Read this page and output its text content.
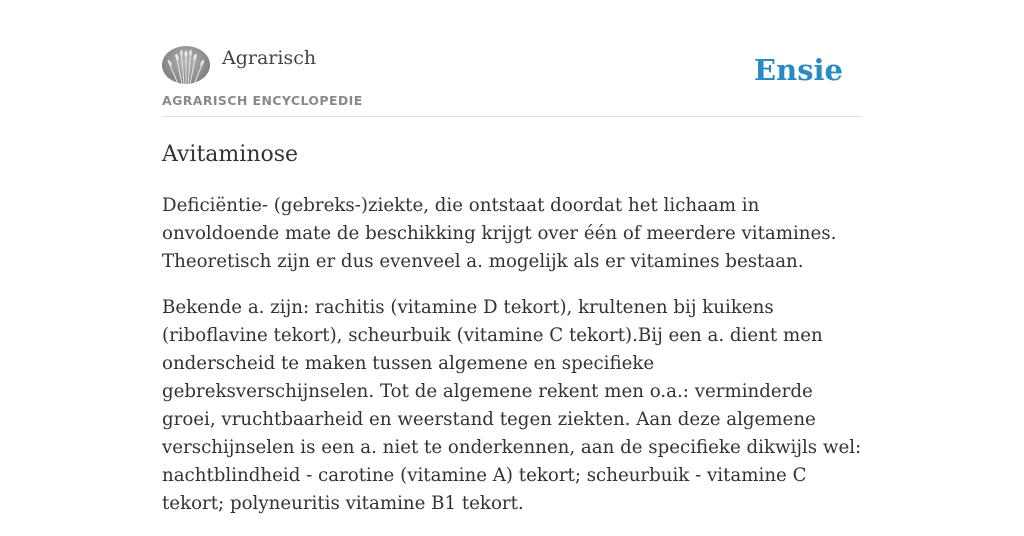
Agrarisch
AGRARISCH ENCYCLOPEDIE
Ensie
Avitaminose

Deficiëntie- (gebreks-)ziekte, die ontstaat doordat het lichaam in onvoldoende mate de beschikking krijgt over één of meerdere vitamines. Theoretisch zijn er dus evenveel a. mogelijk als er vitamines bestaan.

Bekende a. zijn: rachitis (vitamine D tekort), krultenen bij kuikens (riboflavine tekort), scheurbuik (vitamine C tekort).Bij een a. dient men onderscheid te maken tussen algemene en specifieke gebreksverschijnselen. Tot de algemene rekent men o.a.: verminderde groei, vruchtbaarheid en weerstand tegen ziekten. Aan deze algemene verschijnselen is een a. niet te onderkennen, aan de specifieke dikwijls wel: nachtblindheid - carotine (vitamine A) tekort; scheurbuik - vitamine C tekort; polyneuritis vitamine B1 tekort.
